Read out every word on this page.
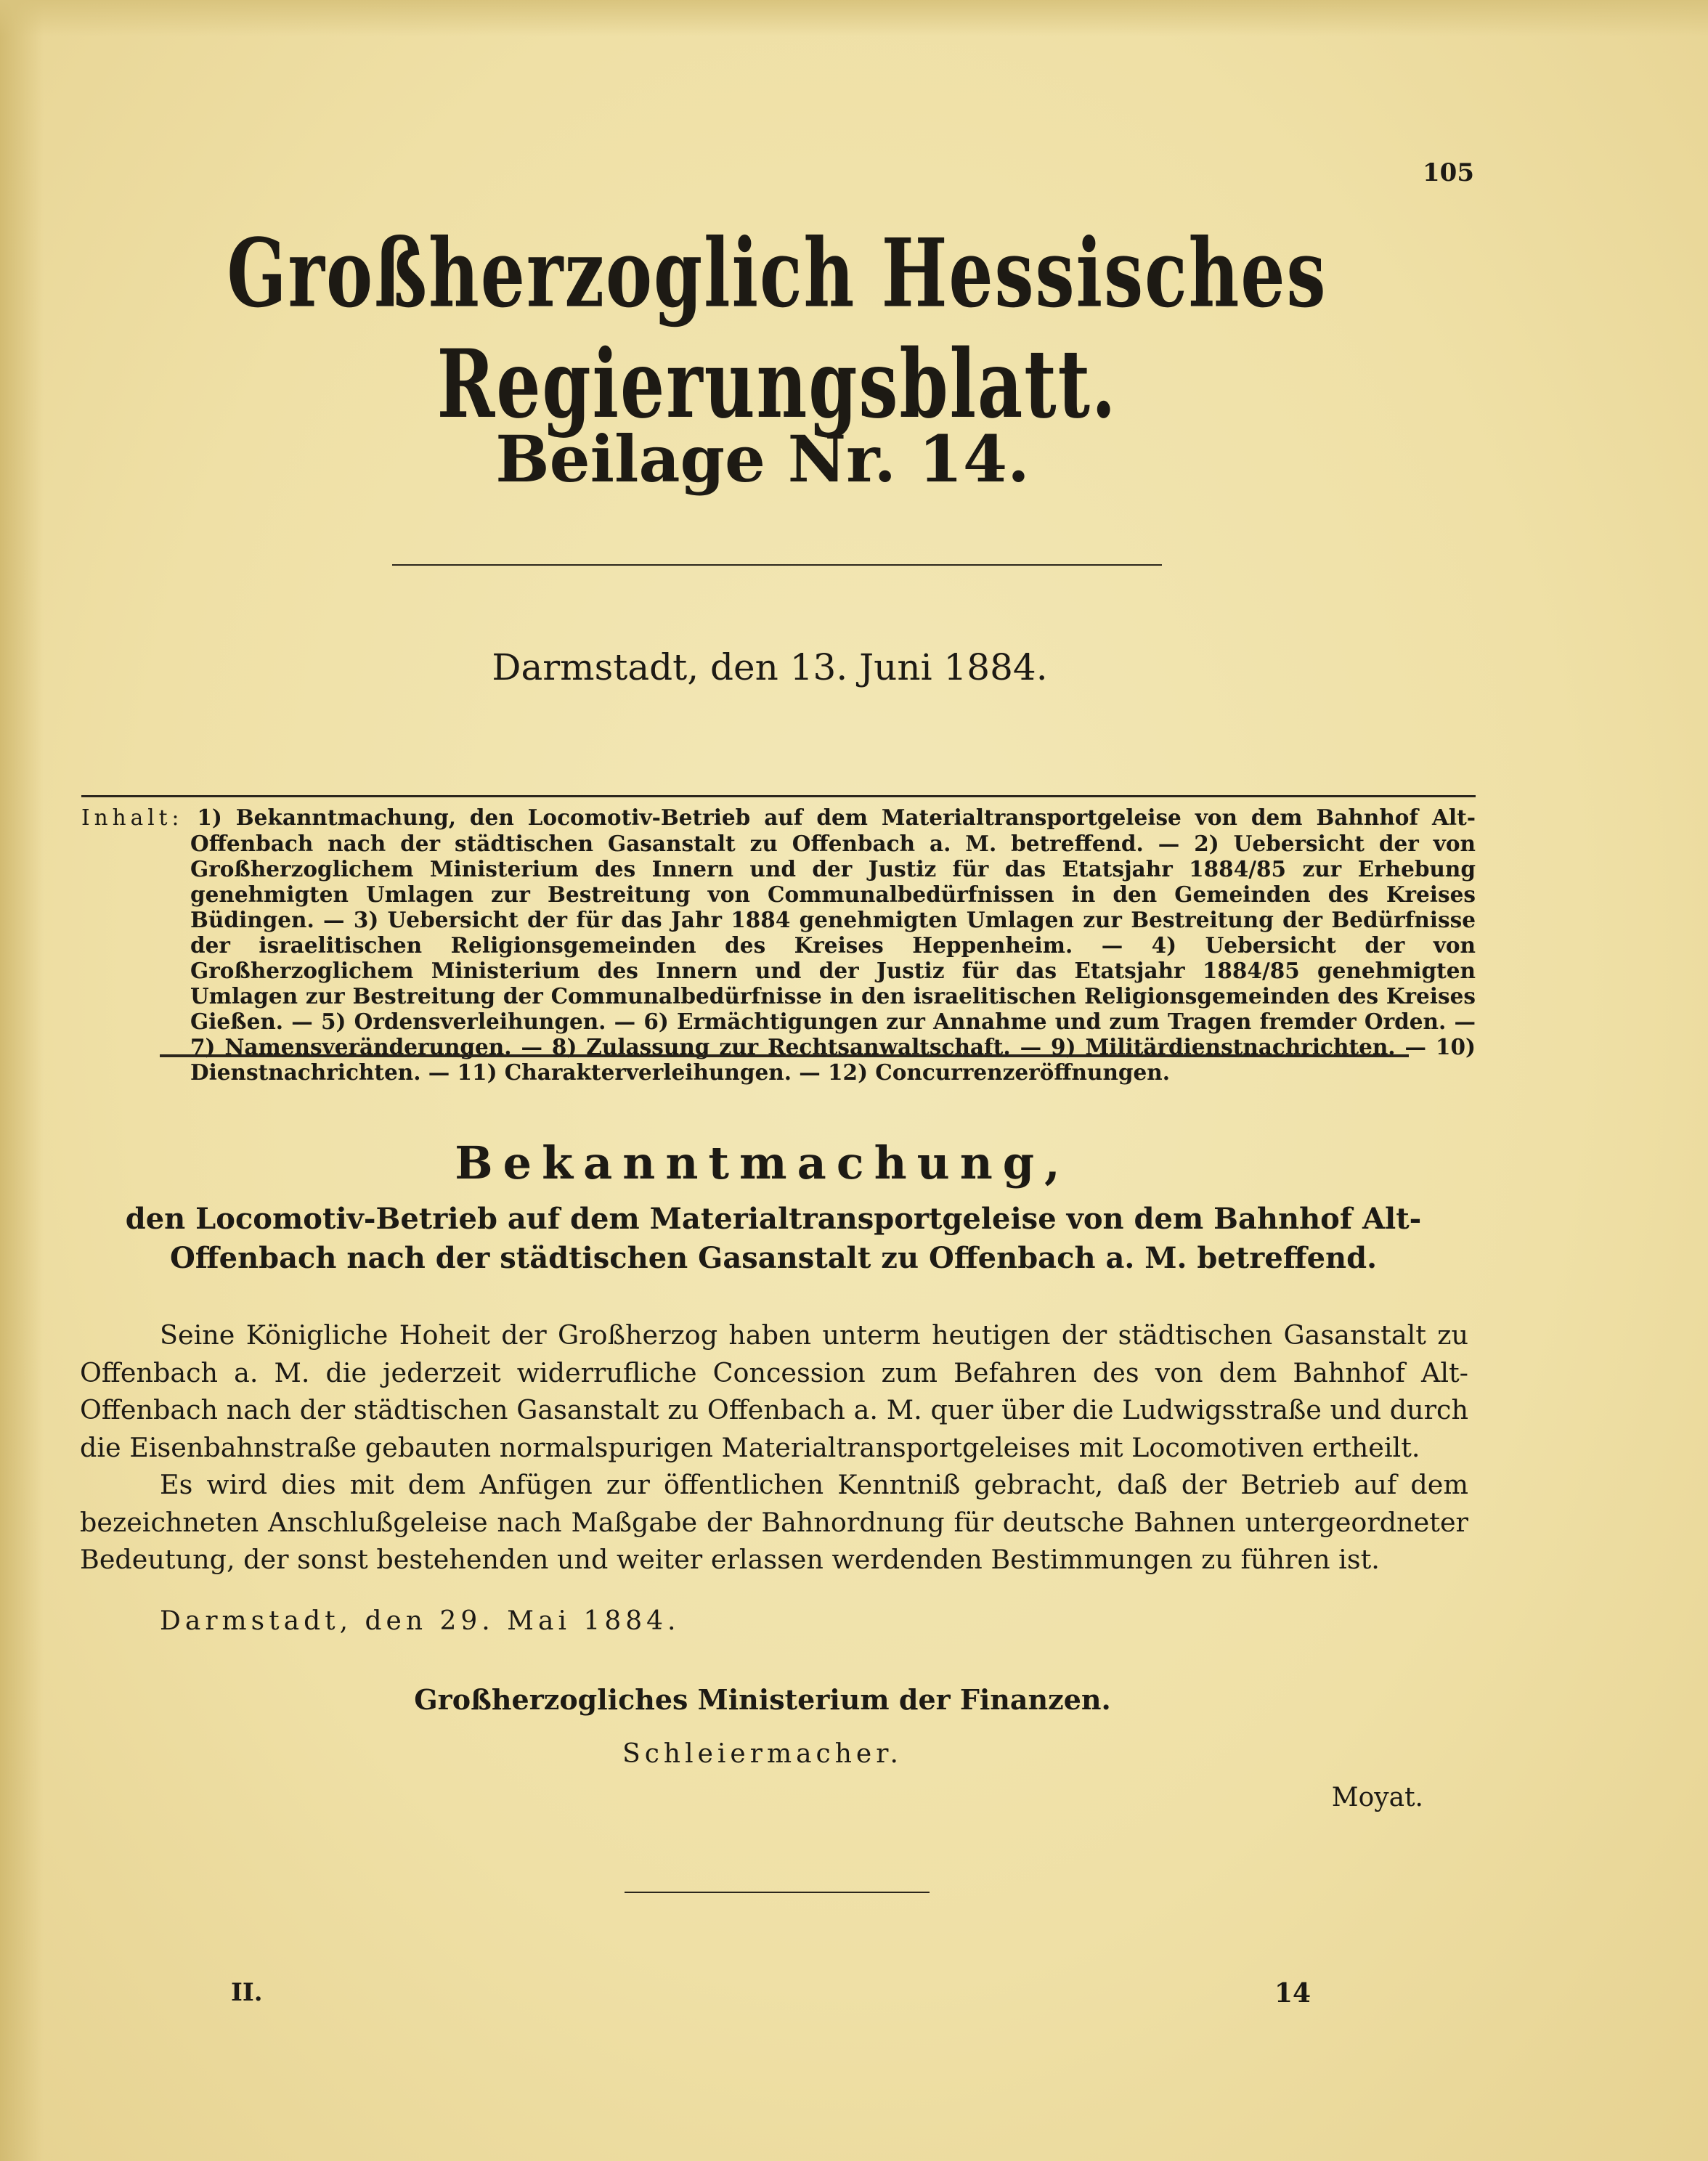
105
Großherzoglich Hessisches Regierungsblatt.
Beilage Nr. 14.
Darmstadt, den 13. Juni 1884.
Inhalt: 1) Bekanntmachung, den Locomotiv-Betrieb auf dem Materialtransportgeleise von dem Bahnhof Alt-Offenbach nach der städtischen Gasanstalt zu Offenbach a. M. betreffend. — 2) Uebersicht der von Großherzoglichem Ministerium des Innern und der Justiz für das Etatsjahr 1884/85 zur Erhebung genehmigten Umlagen zur Bestreitung von Communalbedürfnissen in den Gemeinden des Kreises Büdingen. — 3) Uebersicht der für das Jahr 1884 genehmigten Umlagen zur Bestreitung der Bedürfnisse der israelitischen Religionsgemeinden des Kreises Heppenheim. — 4) Uebersicht der von Großherzoglichem Ministerium des Innern und der Justiz für das Etatsjahr 1884/85 genehmigten Umlagen zur Bestreitung der Communalbedürfnisse in den israelitischen Religionsgemeinden des Kreises Gießen. — 5) Ordensverleihungen. — 6) Ermächtigungen zur Annahme und zum Tragen fremder Orden. — 7) Namensveränderungen. — 8) Zulassung zur Rechtsanwaltschaft. — 9) Militärdienstnachrichten. — 10) Dienstnachrichten. — 11) Charakterverleihungen. — 12) Concurrenzeröffnungen.
Bekanntmachung,
den Locomotiv-Betrieb auf dem Materialtransportgeleise von dem Bahnhof Alt-Offenbach nach der städtischen Gasanstalt zu Offenbach a. M. betreffend.

Seine Königliche Hoheit der Großherzog haben unterm heutigen der städtischen Gasanstalt zu Offenbach a. M. die jederzeit widerrufliche Concession zum Befahren des von dem Bahnhof Alt-Offenbach nach der städtischen Gasanstalt zu Offenbach a. M. quer über die Ludwigsstraße und durch die Eisenbahnstraße gebauten normalspurigen Materialtransportgeleises mit Locomotiven ertheilt.

Es wird dies mit dem Anfügen zur öffentlichen Kenntniß gebracht, daß der Betrieb auf dem bezeichneten Anschlußgeleise nach Maßgabe der Bahnordnung für deutsche Bahnen untergeordneter Bedeutung, der sonst bestehenden und weiter erlassen werdenden Bestimmungen zu führen ist.

Darmstadt, den 29. Mai 1884.
Großherzogliches Ministerium der Finanzen.
Schleiermacher.
Moyat.
II.	14
